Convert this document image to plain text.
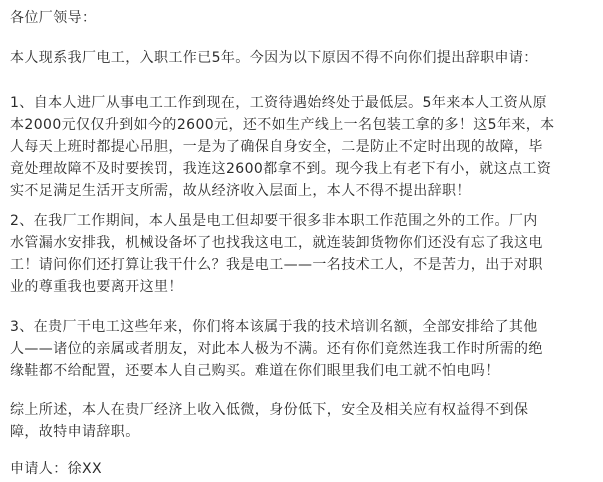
各位厂领导：

本人现系我厂电工，入职工作已5年。今因为以下原因不得不向你们提出辞职申请：

1、自本人进厂从事电工工作到现在，工资待遇始终处于最低层。5年来本人工资从原

本2000元仅仅升到如今的2600元，还不如生产线上一名包装工拿的多！这5年来，本

人每天上班时都提心吊胆，一是为了确保自身安全，二是防止不定时出现的故障，毕

竟处理故障不及时要挨罚，我连这2600都拿不到。现今我上有老下有小，就这点工资

实不足满足生活开支所需，故从经济收入层面上，本人不得不提出辞职！

2、在我厂工作期间，本人虽是电工但却要干很多非本职工作范围之外的工作。厂内

水管漏水安排我，机械设备坏了也找我这电工，就连装卸货物你们还没有忘了我这电

工！请问你们还打算让我干什么？我是电工——一名技术工人，不是苦力，出于对职

业的尊重我也要离开这里！

3、在贵厂干电工这些年来，你们将本该属于我的技术培训名额，全部安排给了其他

人——诸位的亲属或者朋友，对此本人极为不满。还有你们竟然连我工作时所需的绝

缘鞋都不给配置，还要本人自己购买。难道在你们眼里我们电工就不怕电吗！

综上所述，本人在贵厂经济上收入低微，身份低下，安全及相关应有权益得不到保

障，故特申请辞职。

申请人：徐XX
